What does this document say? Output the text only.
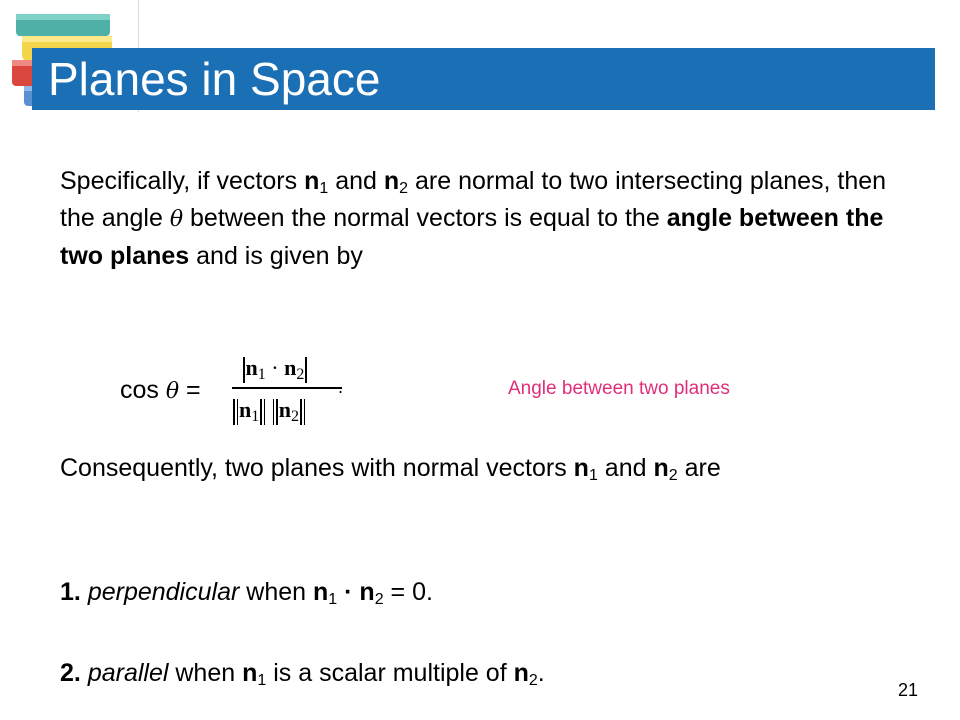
Planes in Space
Specifically, if vectors $n_1$ and $n_2$ are normal to two intersecting planes, then the angle θ between the normal vectors is equal to the angle between the two planes and is given by
cos θ =
$n_1 \cdot n_2$
$n_1$ $n_2$
.	Angle between two planes
Consequently, two planes with normal vectors $n_1$ and $n_2$ are
1. perpendicular when $n_1 \cdot n_2 = 0$.
2. parallel when $n_1$ is a scalar multiple of $n_2$.
21
